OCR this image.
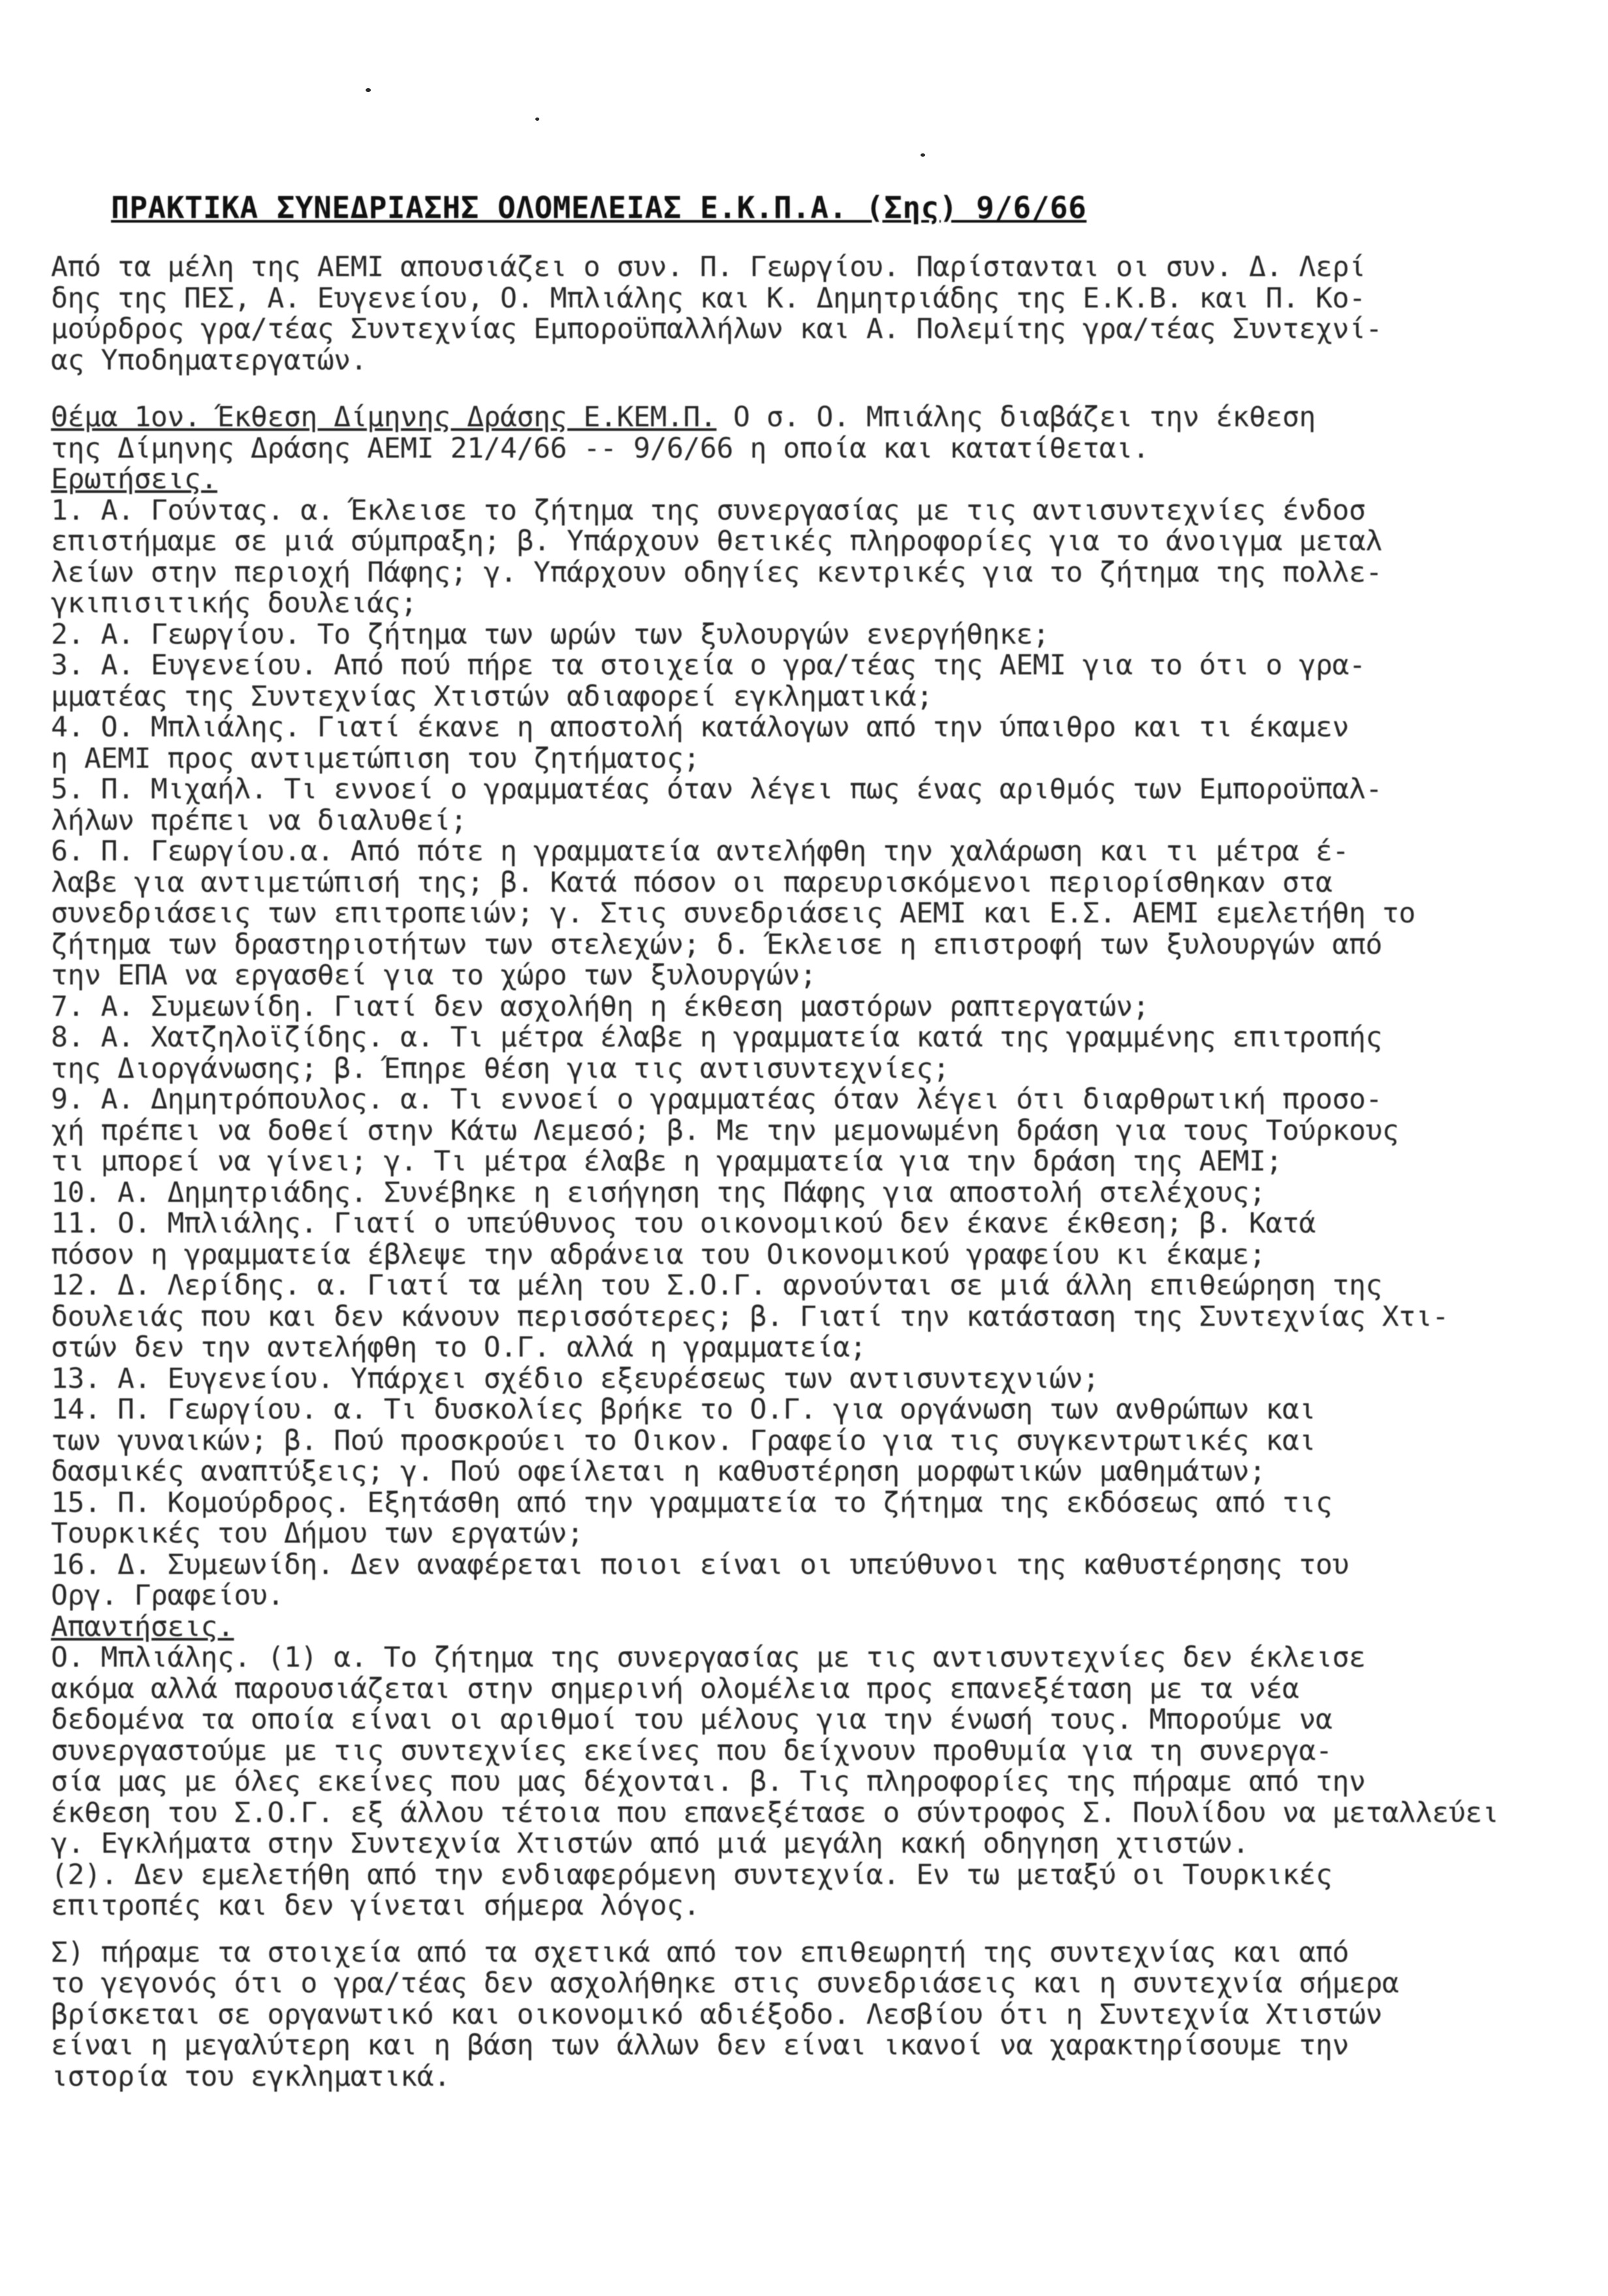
ΠΡΑΚΤΙΚΑ ΣΥΝΕΔΡΙΑΣΗΣ ΟΛΟΜΕΛΕΙΑΣ Ε.Κ.Π.Α. (Σης) 9/6/66
Από τα μέλη της ΑΕΜΙ απουσιάζει ο συν. Π. Γεωργίου. Παρίστανται οι συν. Δ. Λερί
δης της ΠΕΣ, Α. Ευγενείου, Ο. Μπλιάλης και Κ. Δημητριάδης της Ε.Κ.Β. και Π. Κο-
μούρδρος γρα/τέας Συντεχνίας Εμποροϋπαλλήλων και Α. Πολεμίτης γρα/τέας Συντεχνί-
ας Υποδηματεργατών.
Θέμα 1ον. Έκθεση Δίμηνης Δράσης Ε.ΚΕΜ.Π. Ο σ. Ο. Μπιάλης διαβάζει την έκθεση
της Δίμηνης Δράσης ΑΕΜΙ 21/4/66 -- 9/6/66 η οποία και κατατίθεται.
Ερωτήσεις.
1. Α. Γούντας. α. Έκλεισε το ζήτημα της συνεργασίας με τις αντισυντεχνίες ένδοσ
επιστήμαμε σε μιά σύμπραξη; β. Υπάρχουν θετικές πληροφορίες για το άνοιγμα μεταλ
λείων στην περιοχή Πάφης; γ. Υπάρχουν οδηγίες κεντρικές για το ζήτημα της πολλε-
γκιπισιτικής δουλειάς;
2. Α. Γεωργίου. Το ζήτημα των ωρών των ξυλουργών ενεργήθηκε;
3. Α. Ευγενείου. Από πού πήρε τα στοιχεία ο γρα/τέας της ΑΕΜΙ για το ότι ο γρα-
μματέας της Συντεχνίας Χτιστών αδιαφορεί εγκληματικά;
4. Ο. Μπλιάλης. Γιατί έκανε η αποστολή κατάλογων από την ύπαιθρο και τι έκαμεν
η ΑΕΜΙ προς αντιμετώπιση του ζητήματος;
5. Π. Μιχαήλ. Τι εννοεί ο γραμματέας όταν λέγει πως ένας αριθμός των Εμποροϋπαλ-
λήλων πρέπει να διαλυθεί;
6. Π. Γεωργίου.α. Από πότε η γραμματεία αντελήφθη την χαλάρωση και τι μέτρα έ-
λαβε για αντιμετώπισή της; β. Κατά πόσον οι παρευρισκόμενοι περιορίσθηκαν στα
συνεδριάσεις των επιτροπειών; γ. Στις συνεδριάσεις ΑΕΜΙ και Ε.Σ. ΑΕΜΙ εμελετήθη το
ζήτημα των δραστηριοτήτων των στελεχών; δ. Έκλεισε η επιστροφή των ξυλουργών από
την ΕΠΑ να εργασθεί για το χώρο των ξυλουργών;
7. Α. Συμεωνίδη. Γιατί δεν ασχολήθη η έκθεση μαστόρων ραπτεργατών;
8. Α. Χατζηλοϊζίδης. α. Τι μέτρα έλαβε η γραμματεία κατά της γραμμένης επιτροπής
της Διοργάνωσης; β. Έπηρε θέση για τις αντισυντεχνίες;
9. Α. Δημητρόπουλος. α. Τι εννοεί ο γραμματέας όταν λέγει ότι διαρθρωτική προσο-
χή πρέπει να δοθεί στην Κάτω Λεμεσό; β. Με την μεμονωμένη δράση για τους Τούρκους
τι μπορεί να γίνει; γ. Τι μέτρα έλαβε η γραμματεία για την δράση της ΑΕΜΙ;
10. Α. Δημητριάδης. Συνέβηκε η εισήγηση της Πάφης για αποστολή στελέχους;
11. Ο. Μπλιάλης. Γιατί ο υπεύθυνος του οικονομικού δεν έκανε έκθεση; β. Κατά
πόσον η γραμματεία έβλεψε την αδράνεια του Οικονομικού γραφείου κι έκαμε;
12. Δ. Λερίδης. α. Γιατί τα μέλη του Σ.Ο.Γ. αρνούνται σε μιά άλλη επιθεώρηση της
δουλειάς που και δεν κάνουν περισσότερες; β. Γιατί την κατάσταση της Συντεχνίας Χτι-
στών δεν την αντελήφθη το Ο.Γ. αλλά η γραμματεία;
13. Α. Ευγενείου. Υπάρχει σχέδιο εξευρέσεως των αντισυντεχνιών;
14. Π. Γεωργίου. α. Τι δυσκολίες βρήκε το Ο.Γ. για οργάνωση των ανθρώπων και
των γυναικών; β. Πού προσκρούει το Οικον. Γραφείο για τις συγκεντρωτικές και
δασμικές αναπτύξεις; γ. Πού οφείλεται η καθυστέρηση μορφωτικών μαθημάτων;
15. Π. Κομούρδρος. Εξητάσθη από την γραμματεία το ζήτημα της εκδόσεως από τις
Τουρκικές του Δήμου των εργατών;
16. Δ. Συμεωνίδη. Δεν αναφέρεται ποιοι είναι οι υπεύθυνοι της καθυστέρησης του
Οργ. Γραφείου.
Απαντήσεις.
Ο. Μπλιάλης. (1) α. Το ζήτημα της συνεργασίας με τις αντισυντεχνίες δεν έκλεισε
ακόμα αλλά παρουσιάζεται στην σημερινή ολομέλεια προς επανεξέταση με τα νέα
δεδομένα τα οποία είναι οι αριθμοί του μέλους για την ένωσή τους. Μπορούμε να
συνεργαστούμε με τις συντεχνίες εκείνες που δείχνουν προθυμία για τη συνεργα-
σία μας με όλες εκείνες που μας δέχονται. β. Τις πληροφορίες της πήραμε από την
έκθεση του Σ.Ο.Γ. εξ άλλου τέτοια που επανεξέτασε ο σύντροφος Σ. Πουλίδου να μεταλλεύει
γ. Εγκλήματα στην Συντεχνία Χτιστών από μιά μεγάλη κακή οδηγηση χτιστών.
(2). Δεν εμελετήθη από την ενδιαφερόμενη συντεχνία. Εν τω μεταξύ οι Τουρκικές
επιτροπές και δεν γίνεται σήμερα λόγος.
Σ) πήραμε τα στοιχεία από τα σχετικά από τον επιθεωρητή της συντεχνίας και από
το γεγονός ότι ο γρα/τέας δεν ασχολήθηκε στις συνεδριάσεις και η συντεχνία σήμερα
βρίσκεται σε οργανωτικό και οικονομικό αδιέξοδο. Λεσβίου ότι η Συντεχνία Χτιστών
είναι η μεγαλύτερη και η βάση των άλλων δεν είναι ικανοί να χαρακτηρίσουμε την
ιστορία του εγκληματικά.
